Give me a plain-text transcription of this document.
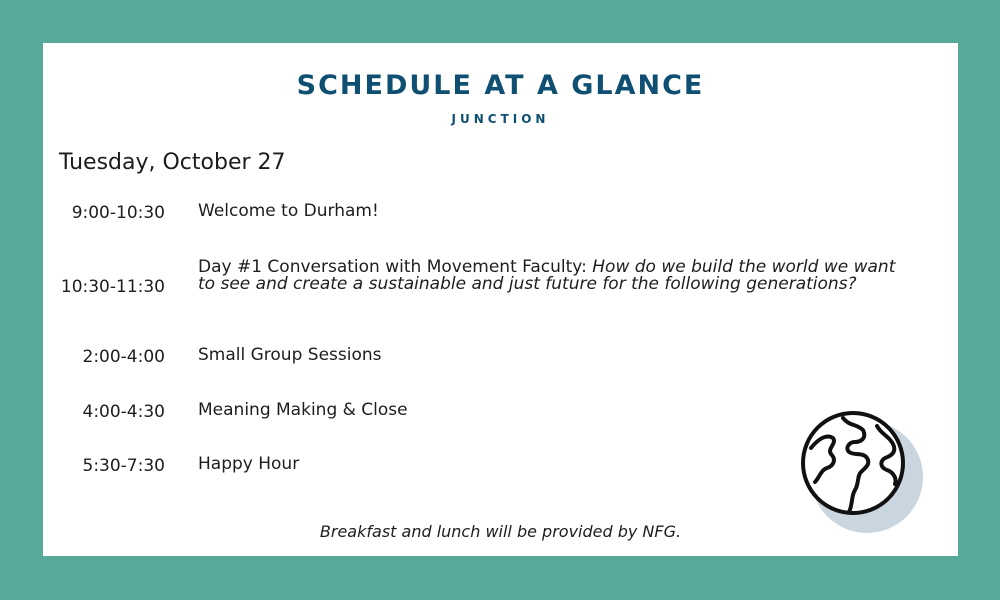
SCHEDULE AT A GLANCE
JUNCTION
Tuesday, October 27
9:00-10:30 Welcome to Durham!
10:30-11:30
Day #1 Conversation with Movement Faculty: How do we build the world we want to see and create a sustainable and just future for the following generations?
2:00-4:00 Small Group Sessions
4:00-4:30 Meaning Making & Close
5:30-7:30 Happy Hour
Breakfast and lunch will be provided by NFG.
